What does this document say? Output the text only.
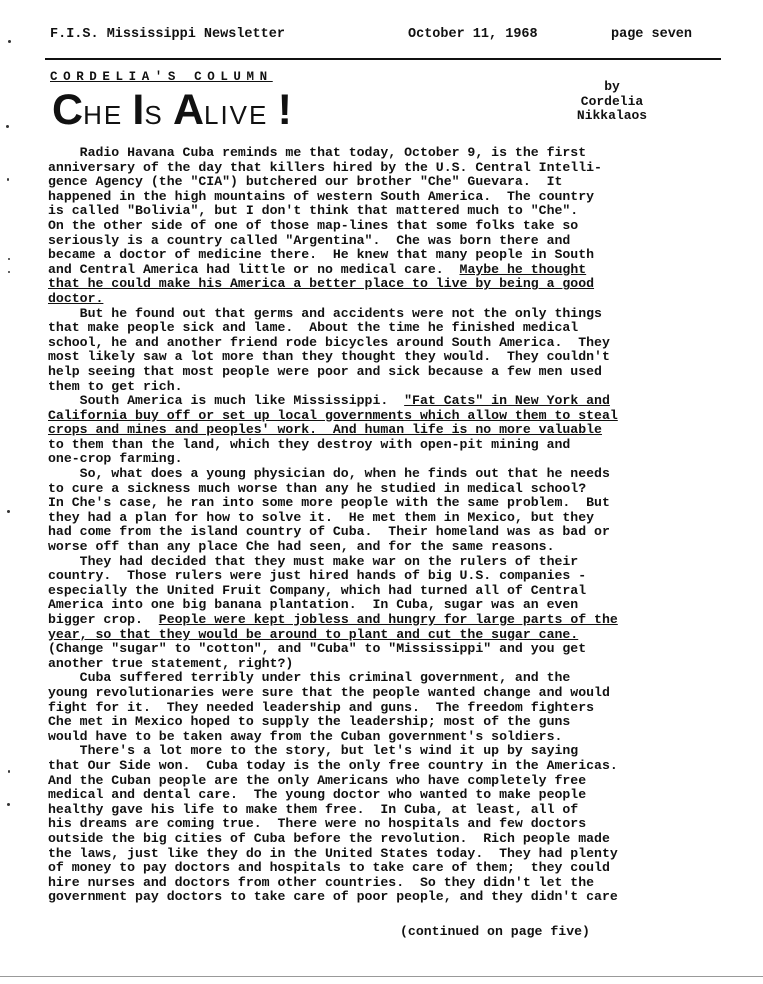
F.I.S. Mississippi Newsletter	October 11, 1968	page seven
CORDELIA'S COLUMN
CHE IS ALIVE !	by
Cordelia
Nikkalaos
Radio Havana Cuba reminds me that today, October 9, is the first
anniversary of the day that killers hired by the U.S. Central Intelli-
gence Agency (the "CIA") butchered our brother "Che" Guevara.  It
happened in the high mountains of western South America.  The country
is called "Bolivia", but I don't think that mattered much to "Che".
On the other side of one of those map-lines that some folks take so
seriously is a country called "Argentina".  Che was born there and
became a doctor of medicine there.  He knew that many people in South
and Central America had little or no medical care.  Maybe he thought
that he could make his America a better place to live by being a good
doctor.
But he found out that germs and accidents were not the only things
that make people sick and lame.  About the time he finished medical
school, he and another friend rode bicycles around South America.  They
most likely saw a lot more than they thought they would.  They couldn't
help seeing that most people were poor and sick because a few men used
them to get rich.
South America is much like Mississippi.  "Fat Cats" in New York and
California buy off or set up local governments which allow them to steal
crops and mines and peoples' work.  And human life is no more valuable
to them than the land, which they destroy with open-pit mining and
one-crop farming.
So, what does a young physician do, when he finds out that he needs
to cure a sickness much worse than any he studied in medical school?
In Che's case, he ran into some more people with the same problem.  But
they had a plan for how to solve it.  He met them in Mexico, but they
had come from the island country of Cuba.  Their homeland was as bad or
worse off than any place Che had seen, and for the same reasons.
They had decided that they must make war on the rulers of their
country.  Those rulers were just hired hands of big U.S. companies -
especially the United Fruit Company, which had turned all of Central
America into one big banana plantation.  In Cuba, sugar was an even
bigger crop.  People were kept jobless and hungry for large parts of the
year, so that they would be around to plant and cut the sugar cane.
(Change "sugar" to "cotton", and "Cuba" to "Mississippi" and you get
another true statement, right?)
Cuba suffered terribly under this criminal government, and the
young revolutionaries were sure that the people wanted change and would
fight for it.  They needed leadership and guns.  The freedom fighters
Che met in Mexico hoped to supply the leadership; most of the guns
would have to be taken away from the Cuban government's soldiers.
There's a lot more to the story, but let's wind it up by saying
that Our Side won.  Cuba today is the only free country in the Americas.
And the Cuban people are the only Americans who have completely free
medical and dental care.  The young doctor who wanted to make people
healthy gave his life to make them free.  In Cuba, at least, all of
his dreams are coming true.  There were no hospitals and few doctors
outside the big cities of Cuba before the revolution.  Rich people made
the laws, just like they do in the United States today.  They had plenty
of money to pay doctors and hospitals to take care of them;  they could
hire nurses and doctors from other countries.  So they didn't let the
government pay doctors to take care of poor people, and they didn't care
(continued on page five)
